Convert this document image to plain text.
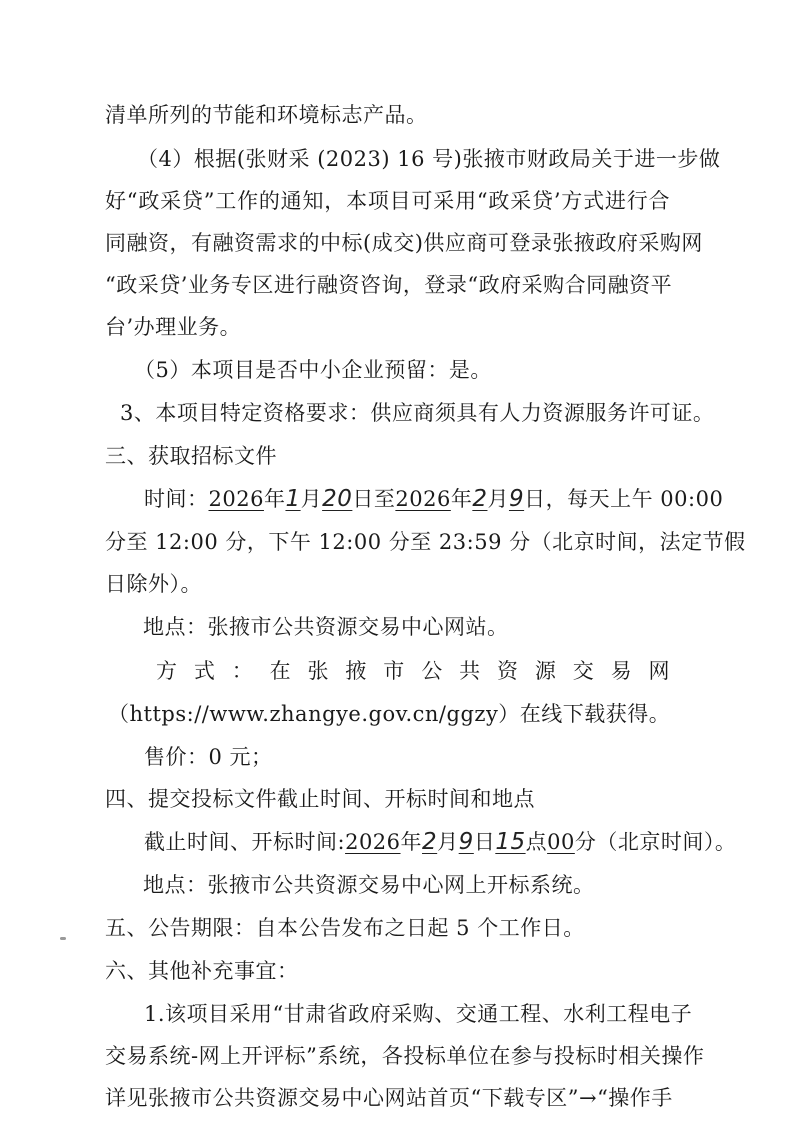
清单所列的节能和环境标志产品。
（4）根据(张财采 (2023) 16 号)张掖市财政局关于进一步做
好“政采贷”工作的通知，本项目可采用“政采贷’方式进行合
同融资，有融资需求的中标(成交)供应商可登录张掖政府采购网
“政采贷’业务专区进行融资咨询，登录“政府采购合同融资平
台’办理业务。
（5）本项目是否中小企业预留：是。
3、本项目特定资格要求：供应商须具有人力资源服务许可证。
三、获取招标文件
时间：2026年1月20日至2026年2月9日，每天上午 00:00
分至 12:00 分，下午 12:00 分至 23:59 分（北京时间，法定节假
日除外）。
地点：张掖市公共资源交易中心网站。
方 式 ： 在 张 掖 市 公 共 资 源 交 易 网
（https://www.zhangye.gov.cn/ggzy）在线下载获得。
售价：0 元；
四、提交投标文件截止时间、开标时间和地点
截止时间、开标时间:2026年2月9日15点00分（北京时间）。
地点：张掖市公共资源交易中心网上开标系统。
五、公告期限：自本公告发布之日起 5 个工作日。
六、其他补充事宜：
1.该项目采用“甘肃省政府采购、交通工程、水利工程电子
交易系统-网上开评标”系统，各投标单位在参与投标时相关操作
详见张掖市公共资源交易中心网站首页“下载专区”→“操作手
